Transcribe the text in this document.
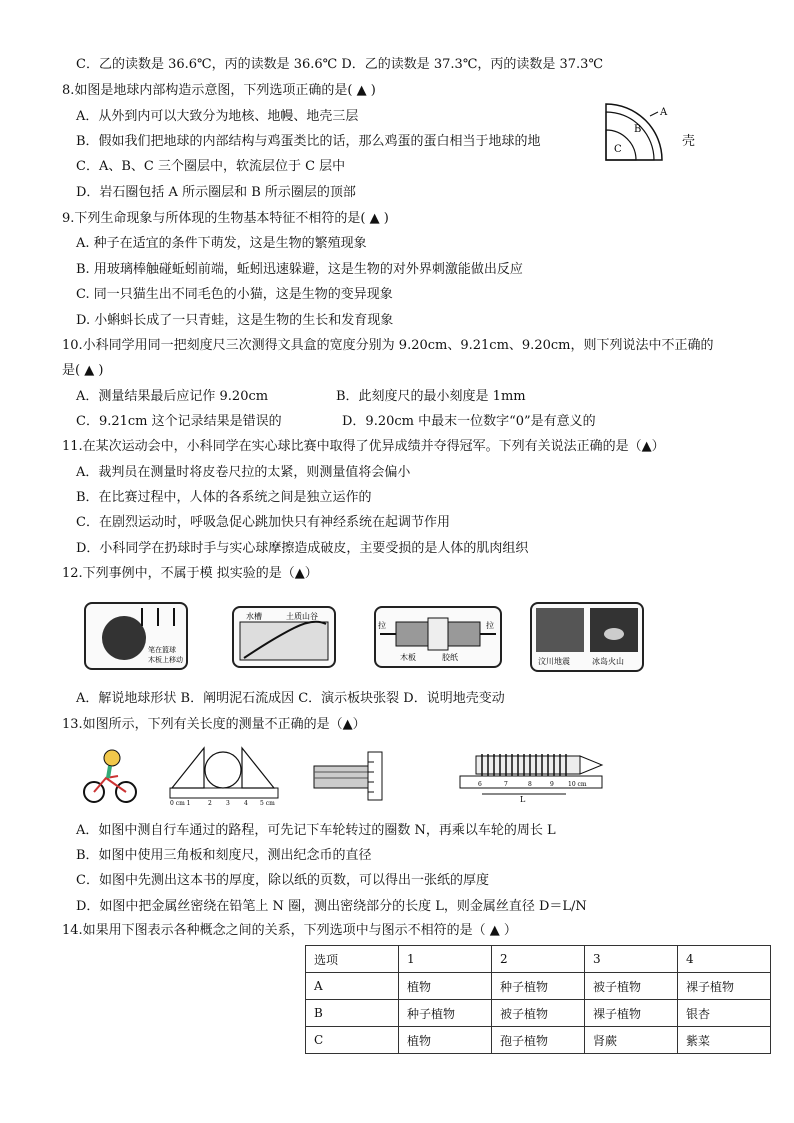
C．乙的读数是 36.6℃，丙的读数是 36.6℃ D．乙的读数是 37.3℃，丙的读数是 37.3℃
8.如图是地球内部构造示意图，下列选项正确的是( ▲ )
A．从外到内可以大致分为地核、地幔、地壳三层
B．假如我们把地球的内部结构与鸡蛋类比的话，那么鸡蛋的蛋白相当于地球的地	壳
C．A、B、C 三个圈层中，软流层位于 C 层中
D．岩石圈包括 A 所示圈层和 B 所示圈层的顶部
A
B
C
9.下列生命现象与所体现的生物基本特征不相符的是( ▲ )
A. 种子在适宜的条件下萌发，这是生物的繁殖现象
B. 用玻璃棒触碰蚯蚓前端，蚯蚓迅速躲避，这是生物的对外界刺激能做出反应
C. 同一只猫生出不同毛色的小猫，这是生物的变异现象
D. 小蝌蚪长成了一只青蛙，这是生物的生长和发育现象
10.小科同学用同一把刻度尺三次测得文具盒的宽度分别为 9.20cm、9.21cm、9.20cm，则下列说法中不正确的
是( ▲ )
A．测量结果最后应记作 9.20cm	B．此刻度尺的最小刻度是 1mm
C．9.21cm 这个记录结果是错误的	D．9.20cm 中最末一位数字“0”是有意义的
11.在某次运动会中，小科同学在实心球比赛中取得了优异成绩并夺得冠军。下列有关说法正确的是（▲）
A．裁判员在测量时将皮卷尺拉的太紧，则测量值将会偏小
B．在比赛过程中，人体的各系统之间是独立运作的
C．在剧烈运动时，呼吸急促心跳加快只有神经系统在起调节作用
D．小科同学在扔球时手与实心球摩擦造成破皮，主要受损的是人体的肌肉组织
12.下列事例中，不属于模 拟实验的是（▲）
笔在篮球
木板上移动
水槽	土质山谷
拉	拉
木板	胶纸	汶川地震	冰岛火山
A．解说地球形状 B．阐明泥石流成因 C．演示板块张裂 D．说明地壳变动
13.如图所示，下列有关长度的测量不正确的是（▲）
0 cm 1	2 3 4 5 cm
6	7	8	9 10 cm
L
A．如图中测自行车通过的路程，可先记下车轮转过的圈数 N，再乘以车轮的周长 L
B．如图中使用三角板和刻度尺，测出纪念币的直径
C．如图中先测出这本书的厚度，除以纸的页数，可以得出一张纸的厚度
D．如图中把金属丝密绕在铅笔上 N 圈，测出密绕部分的长度 L，则金属丝直径 D＝L/N
14.如果用下图表示各种概念之间的关系，下列选项中与图示不相符的是（ ▲ ）
选项	1	2	3	4
A	植物	种子植物	被子植物	裸子植物
B	种子植物	被子植物	裸子植物	银杏
C	植物	孢子植物	肾蕨	紫菜
